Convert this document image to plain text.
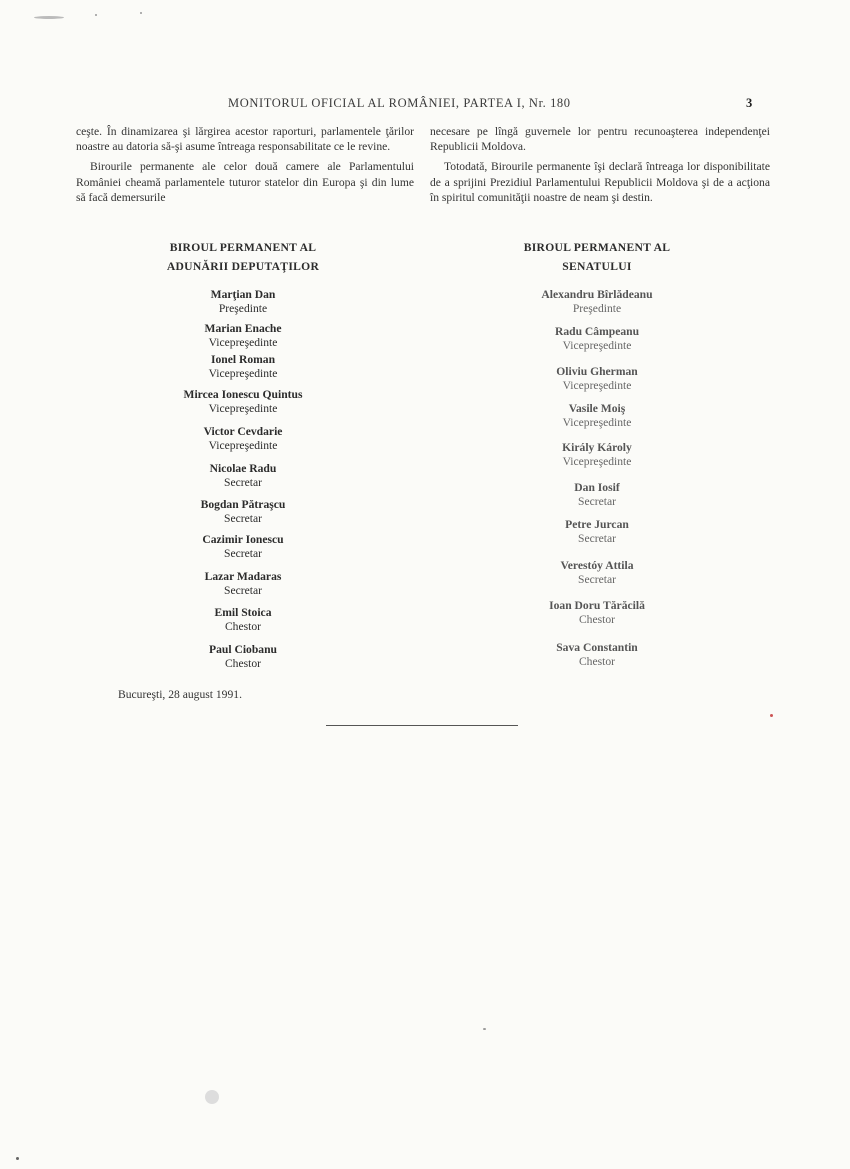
MONITORUL OFICIAL AL ROMÂNIEI, PARTEA I, Nr. 180	3

ceşte. În dinamizarea şi lărgirea acestor raporturi, parlamentele ţărilor noastre au datoria să-şi asume întreaga responsabilitate ce le revine.

Birourile permanente ale celor două camere ale Parlamentului României cheamă parlamentele tuturor statelor din Europa şi din lume să facă demersurile

necesare pe lîngă guvernele lor pentru recunoaşterea independenţei Republicii Moldova.

Totodată, Birourile permanente îşi declară întreaga lor disponibilitate de a sprijini Prezidiul Parlamentului Republicii Moldova şi de a acţiona în spiritul comunităţii noastre de neam şi destin.

BIROUL PERMANENT AL
ADUNĂRII DEPUTAŢILOR
Marţian Dan
Preşedinte
Marian Enache
Vicepreşedinte
Ionel Roman
Vicepreşedinte
Mircea Ionescu Quintus
Vicepreşedinte
Victor Cevdarie
Vicepreşedinte
Nicolae Radu
Secretar
Bogdan Pătraşcu
Secretar
Cazimir Ionescu
Secretar
Lazar Madaras
Secretar
Emil Stoica
Chestor
Paul Ciobanu
Chestor
BIROUL PERMANENT AL
SENATULUI
Alexandru Bîrlădeanu
Preşedinte
Radu Câmpeanu
Vicepreşedinte
Oliviu Gherman
Vicepreşedinte
Vasile Moiş
Vicepreşedinte
Király Károly
Vicepreşedinte
Dan Iosif
Secretar
Petre Jurcan
Secretar
Verestóy Attila
Secretar
Ioan Doru Tărăcilă
Chestor
Sava Constantin
Chestor
Bucureşti, 28 august 1991.
